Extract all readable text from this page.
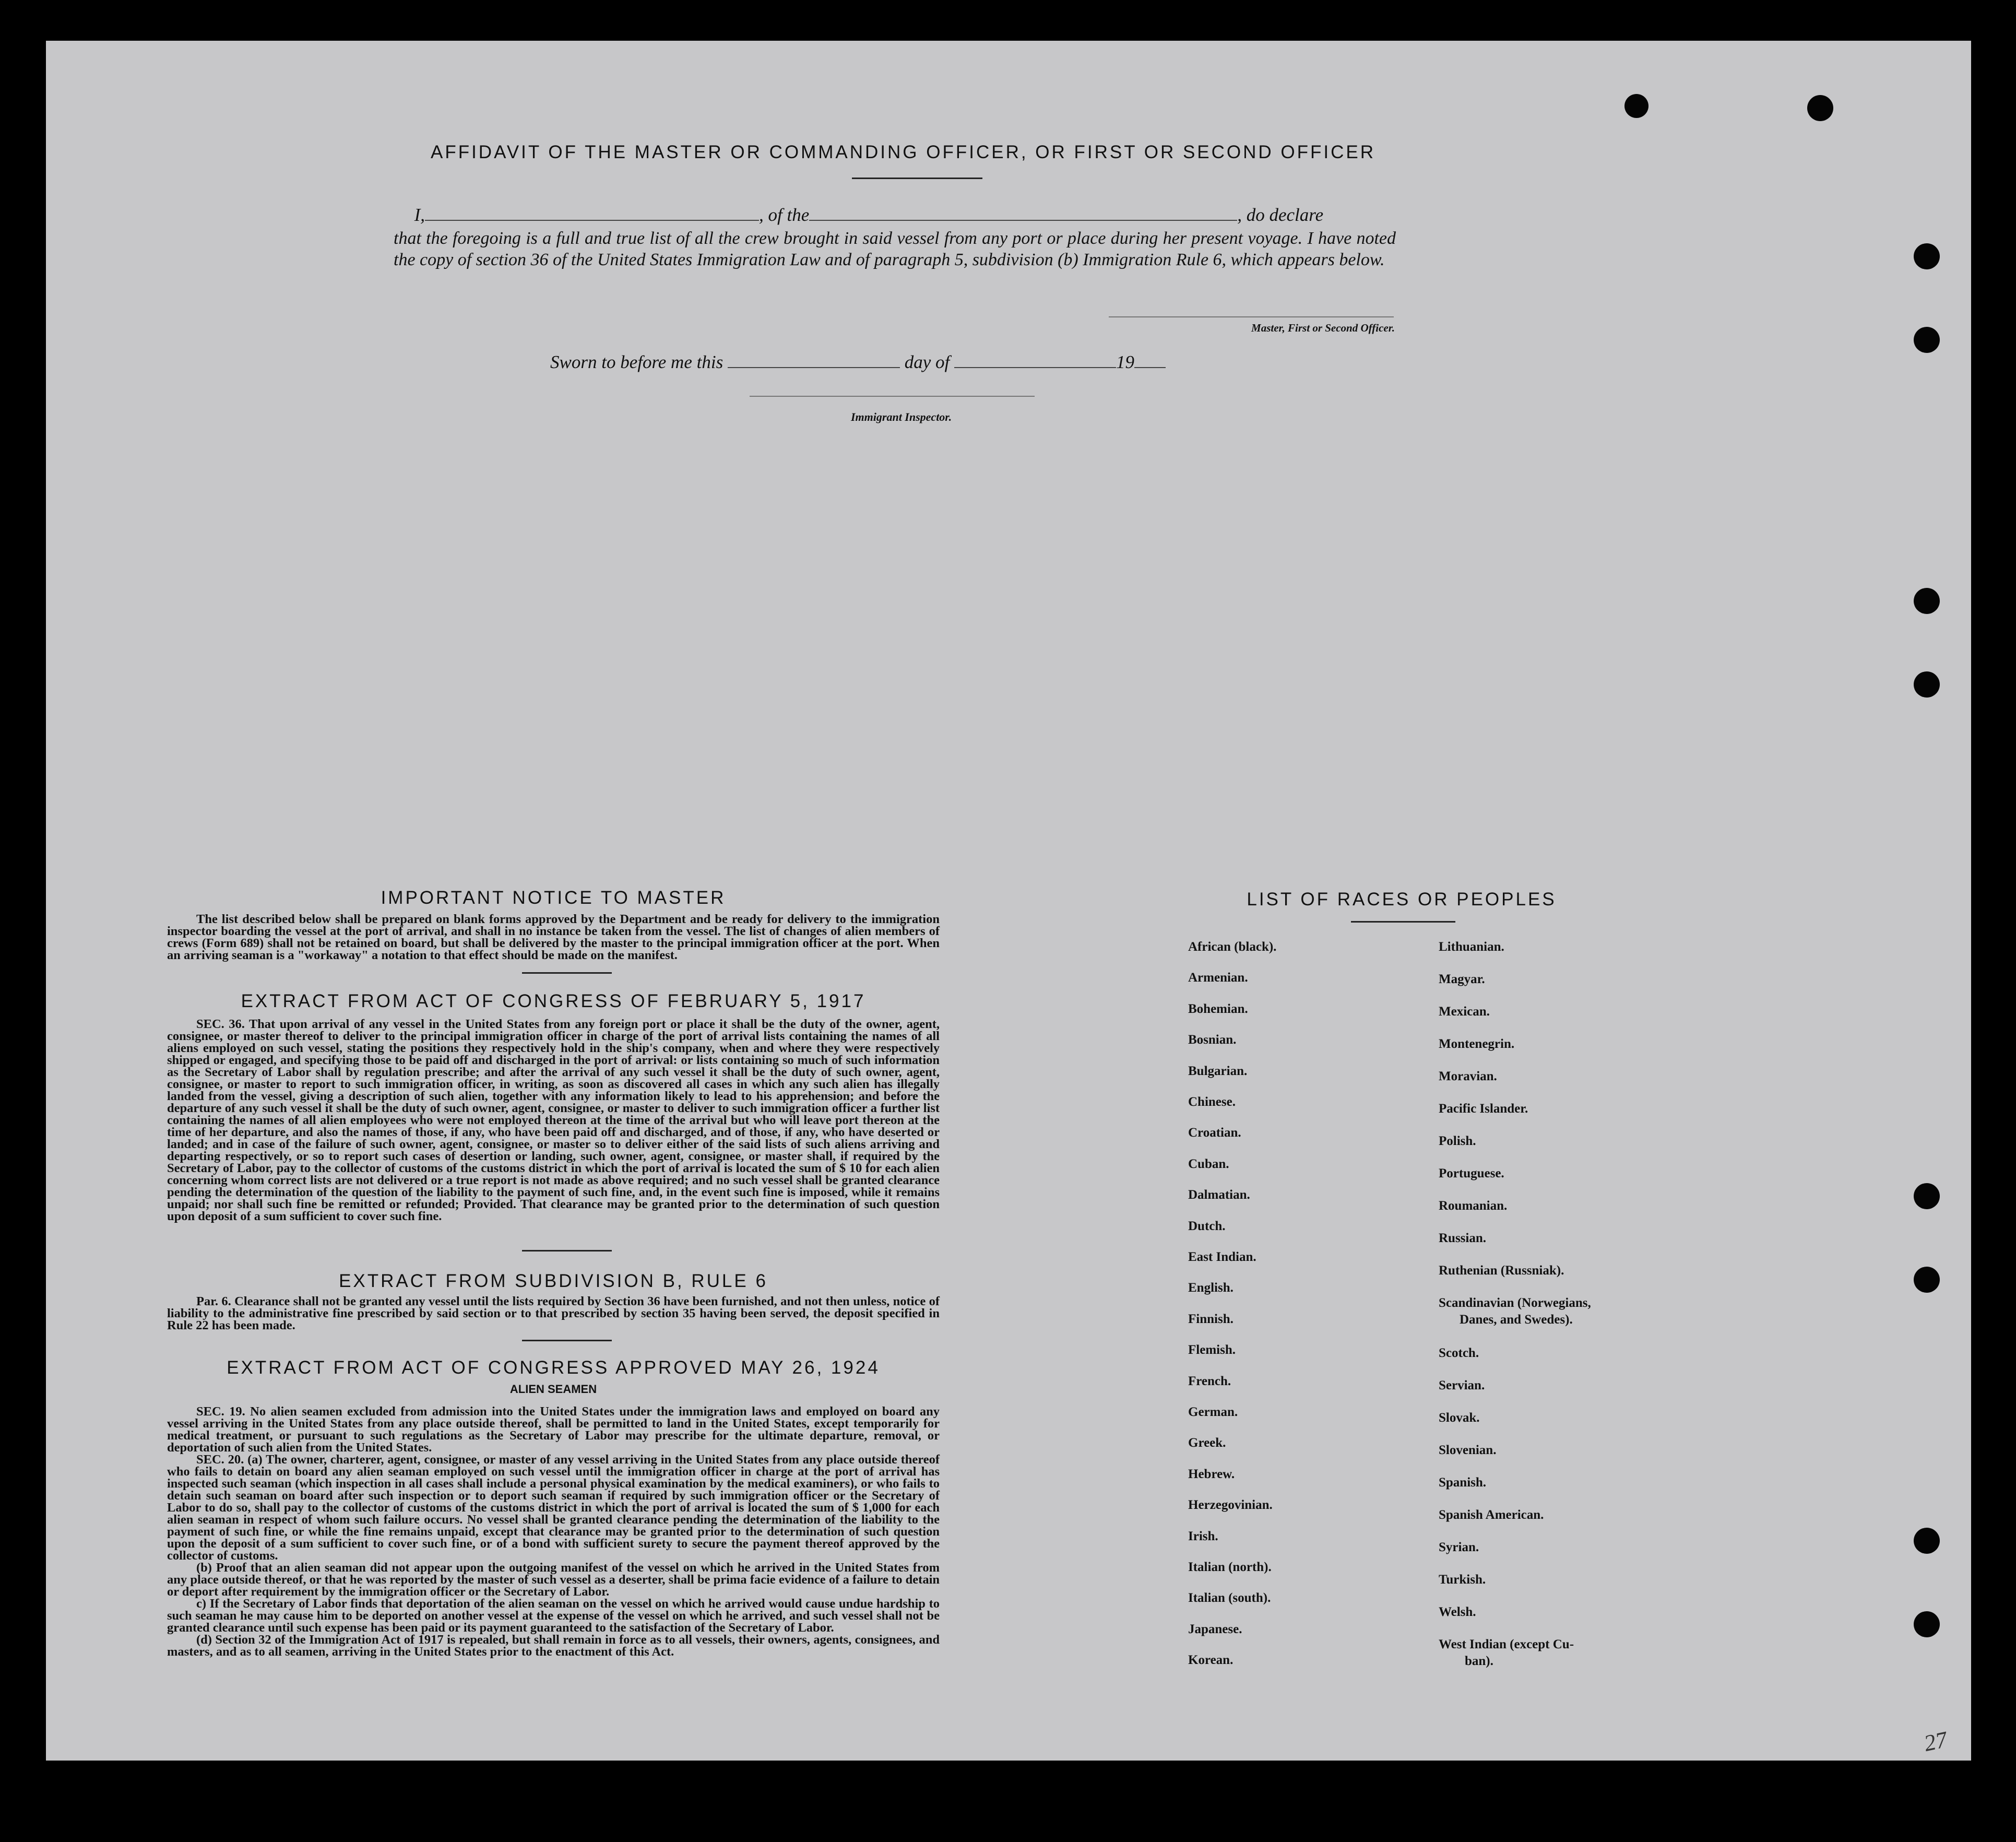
AFFIDAVIT OF THE MASTER OR COMMANDING OFFICER, OR FIRST OR SECOND OFFICER
I,	, of the	, do declare
that the foregoing is a full and true list of all the crew brought in said vessel from any port or place during her present voyage. I have noted the copy of section 36 of the United States Immigration Law and of paragraph 5, subdivision (b) Immigration Rule 6, which appears below.
Master, First or Second Officer.
Sworn to before me this	day of	19
Immigrant Inspector.
IMPORTANT NOTICE TO MASTER
The list described below shall be prepared on blank forms approved by the Department and be ready for delivery to the immigration inspector boarding the vessel at the port of arrival, and shall in no instance be taken from the vessel. The list of changes of alien members of crews (Form 689) shall not be retained on board, but shall be delivered by the master to the principal immigration officer at the port. When an arriving seaman is a "workaway" a notation to that effect should be made on the manifest.
EXTRACT FROM ACT OF CONGRESS OF FEBRUARY 5, 1917
SEC. 36. That upon arrival of any vessel in the United States from any foreign port or place it shall be the duty of the owner, agent, consignee, or master thereof to deliver to the principal immigration officer in charge of the port of arrival lists containing the names of all aliens employed on such vessel, stating the positions they respectively hold in the ship's company, when and where they were respectively shipped or engaged, and specifying those to be paid off and discharged in the port of arrival: or lists containing so much of such information as the Secretary of Labor shall by regulation prescribe; and after the arrival of any such vessel it shall be the duty of such owner, agent, consignee, or master to report to such immigration officer, in writing, as soon as discovered all cases in which any such alien has illegally landed from the vessel, giving a description of such alien, together with any information likely to lead to his apprehension; and before the departure of any such vessel it shall be the duty of such owner, agent, consignee, or master to deliver to such immigration officer a further list containing the names of all alien employees who were not employed thereon at the time of the arrival but who will leave port thereon at the time of her departure, and also the names of those, if any, who have been paid off and discharged, and of those, if any, who have deserted or landed; and in case of the failure of such owner, agent, consignee, or master so to deliver either of the said lists of such aliens arriving and departing respectively, or so to report such cases of desertion or landing, such owner, agent, consignee, or master shall, if required by the Secretary of Labor, pay to the collector of customs of the customs district in which the port of arrival is located the sum of $ 10 for each alien concerning whom correct lists are not delivered or a true report is not made as above required; and no such vessel shall be granted clearance pending the determination of the question of the liability to the payment of such fine, and, in the event such fine is imposed, while it remains unpaid; nor shall such fine be remitted or refunded; Provided. That clearance may be granted prior to the determination of such question upon deposit of a sum sufficient to cover such fine.
EXTRACT FROM SUBDIVISION B, RULE 6
Par. 6. Clearance shall not be granted any vessel until the lists required by Section 36 have been furnished, and not then unless, notice of liability to the administrative fine prescribed by said section or to that prescribed by section 35 having been served, the deposit specified in Rule 22 has been made.
EXTRACT FROM ACT OF CONGRESS APPROVED MAY 26, 1924
ALIEN SEAMEN

SEC. 19. No alien seamen excluded from admission into the United States under the immigration laws and employed on board any vessel arriving in the United States from any place outside thereof, shall be permitted to land in the United States, except temporarily for medical treatment, or pursuant to such regulations as the Secretary of Labor may prescribe for the ultimate departure, removal, or deportation of such alien from the United States.

SEC. 20. (a) The owner, charterer, agent, consignee, or master of any vessel arriving in the United States from any place outside thereof who fails to detain on board any alien seaman employed on such vessel until the immigration officer in charge at the port of arrival has inspected such seaman (which inspection in all cases shall include a personal physical examination by the medical examiners), or who fails to detain such seaman on board after such inspection or to deport such seaman if required by such immigration officer or the Secretary of Labor to do so, shall pay to the collector of customs of the customs district in which the port of arrival is located the sum of $ 1,000 for each alien seaman in respect of whom such failure occurs. No vessel shall be granted clearance pending the determination of the liability to the payment of such fine, or while the fine remains unpaid, except that clearance may be granted prior to the determination of such question upon the deposit of a sum sufficient to cover such fine, or of a bond with sufficient surety to secure the payment thereof approved by the collector of customs.

(b) Proof that an alien seaman did not appear upon the outgoing manifest of the vessel on which he arrived in the United States from any place outside thereof, or that he was reported by the master of such vessel as a deserter, shall be prima facie evidence of a failure to detain or deport after requirement by the immigration officer or the Secretary of Labor.

c) If the Secretary of Labor finds that deportation of the alien seaman on the vessel on which he arrived would cause undue hardship to such seaman he may cause him to be deported on another vessel at the expense of the vessel on which he arrived, and such vessel shall not be granted clearance until such expense has been paid or its payment guaranteed to the satisfaction of the Secretary of Labor.

(d) Section 32 of the Immigration Act of 1917 is repealed, but shall remain in force as to all vessels, their owners, agents, consignees, and masters, and as to all seamen, arriving in the United States prior to the enactment of this Act.

LIST OF RACES OR PEOPLES
African (black).
Armenian.
Bohemian.
Bosnian.
Bulgarian.
Chinese.
Croatian.
Cuban.
Dalmatian.
Dutch.
East Indian.
English.
Finnish.
Flemish.
French.
German.
Greek.
Hebrew.
Herzegovinian.
Irish.
Italian (north).
Italian (south).
Japanese.
Korean.
Lithuanian.
Magyar.
Mexican.
Montenegrin.
Moravian.
Pacific Islander.
Polish.
Portuguese.
Roumanian.
Russian.
Ruthenian (Russniak).
Scandinavian (Norwegians,
Danes, and Swedes).
Scotch.
Servian.
Slovak.
Slovenian.
Spanish.
Spanish American.
Syrian.
Turkish.
Welsh.
West Indian (except Cu-
ban).
27
